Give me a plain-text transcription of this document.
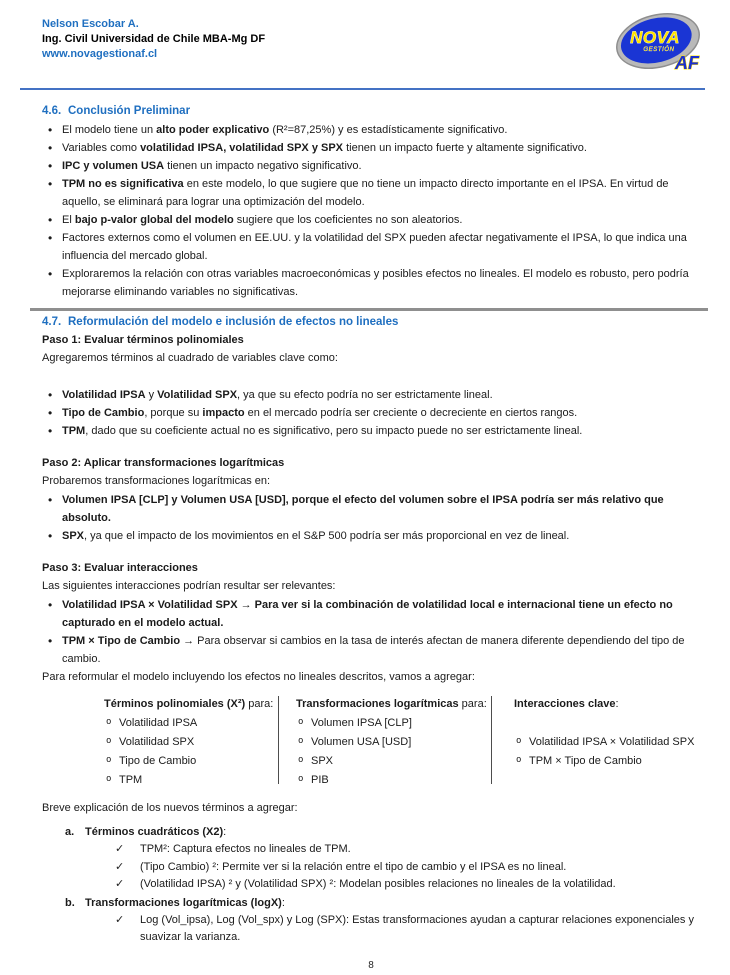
Nelson Escobar A.
Ing. Civil Universidad de Chile MBA-Mg DF
www.novagestionaf.cl
NOVA
GESTIÓN
AF
4.6. Conclusión Preliminar
• El modelo tiene un alto poder explicativo (R²=87,25%) y es estadísticamente significativo.
• Variables como volatilidad IPSA, volatilidad SPX y SPX tienen un impacto fuerte y altamente significativo.
• IPC y volumen USA tienen un impacto negativo significativo.
• TPM no es significativa en este modelo, lo que sugiere que no tiene un impacto directo importante en el IPSA. En virtud de aquello, se eliminará para lograr una optimización del modelo.
• El bajo p-valor global del modelo sugiere que los coeficientes no son aleatorios.
• Factores externos como el volumen en EE.UU. y la volatilidad del SPX pueden afectar negativamente el IPSA, lo que indica una influencia del mercado global.
• Exploraremos la relación con otras variables macroeconómicas y posibles efectos no lineales. El modelo es robusto, pero podría mejorarse eliminando variables no significativas.
4.7. Reformulación del modelo e inclusión de efectos no lineales
Paso 1: Evaluar términos polinomiales
Agregaremos términos al cuadrado de variables clave como:
• Volatilidad IPSA y Volatilidad SPX, ya que su efecto podría no ser estrictamente lineal.
• Tipo de Cambio, porque su impacto en el mercado podría ser creciente o decreciente en ciertos rangos.
• TPM, dado que su coeficiente actual no es significativo, pero su impacto puede no ser estrictamente lineal.
Paso 2: Aplicar transformaciones logarítmicas
Probaremos transformaciones logarítmicas en:
• Volumen IPSA [CLP] y Volumen USA [USD], porque el efecto del volumen sobre el IPSA podría ser más relativo que absoluto.
• SPX, ya que el impacto de los movimientos en el S&P 500 podría ser más proporcional en vez de lineal.
Paso 3: Evaluar interacciones
Las siguientes interacciones podrían resultar ser relevantes:
• Volatilidad IPSA × Volatilidad SPX → Para ver si la combinación de volatilidad local e internacional tiene un efecto no capturado en el modelo actual.
• TPM × Tipo de Cambio → Para observar si cambios en la tasa de interés afectan de manera diferente dependiendo del tipo de cambio.
Para reformular el modelo incluyendo los efectos no lineales descritos, vamos a agregar:
Términos polinomiales (X²) para:
o Volatilidad IPSA
o Volatilidad SPX
o Tipo de Cambio
o TPM
Transformaciones logarítmicas para:
o Volumen IPSA [CLP]
o Volumen USA [USD]
o SPX
o PIB
Interacciones clave:
o Volatilidad IPSA × Volatilidad SPX
o TPM × Tipo de Cambio
Breve explicación de los nuevos términos a agregar:
a. Términos cuadráticos (X2):
✓ TPM²: Captura efectos no lineales de TPM.
✓ (Tipo Cambio) ²: Permite ver si la relación entre el tipo de cambio y el IPSA es no lineal.
✓ (Volatilidad IPSA) ² y (Volatilidad SPX) ²: Modelan posibles relaciones no lineales de la volatilidad.
b. Transformaciones logarítmicas (logX):
✓ Log (Vol_ipsa), Log (Vol_spx) y Log (SPX): Estas transformaciones ayudan a capturar relaciones exponenciales y suavizar la varianza.
8
